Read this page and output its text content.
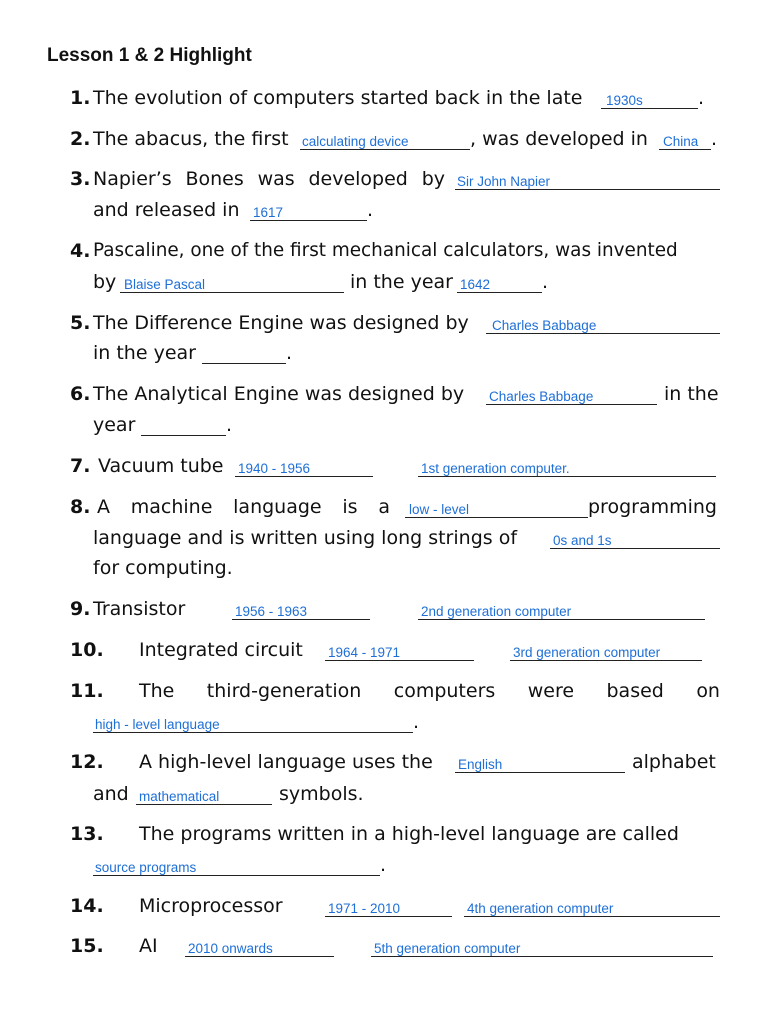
Lesson 1 & 2 Highlight
1. The evolution of computers started back in the late 1930s	.
2. The abacus, the first calculating device	, was developed in China .
3. Napier’s Bones was developed by Sir John Napier
and released in 1617	.
4. Pascaline, one of the first mechanical calculators, was invented
by Blaise Pascal	in the year 1642	.
5. The Difference Engine was designed by Charles Babbage
in the year	.
6. The Analytical Engine was designed by Charles Babbage	in the
year	.
7. Vacuum tube 1940 - 1956	1st generation computer.
8. A machine language is a low - level	programming
language and is written using long strings of	0s and 1s
for computing.
9. Transistor	1956 - 1963	2nd generation computer
10. Integrated circuit 1964 - 1971	3rd generation computer
11. The third-generation computers were based on
high - level language	.
12. A high-level language uses the English	alphabet
and mathematical	symbols.
13. The programs written in a high-level language are called
source programs	.
14. Microprocessor	1971 - 2010	4th generation computer
15. AI 2010 onwards	5th generation computer
